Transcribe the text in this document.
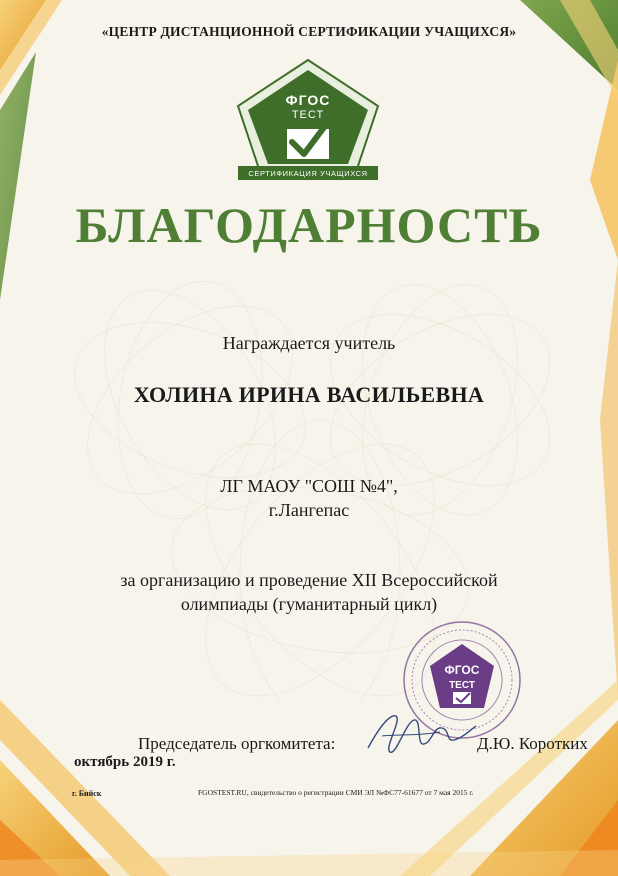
«ЦЕНТР ДИСТАНЦИОННОЙ СЕРТИФИКАЦИИ УЧАЩИХСЯ»
ФГОС
ТЕСТ
СЕРТИФИКАЦИЯ УЧАЩИХСЯ
БЛАГОДАРНОСТЬ
Награждается учитель
ХОЛИНА ИРИНА ВАСИЛЬЕВНА
ЛГ МАОУ "СОШ №4",
г.Лангепас
за организацию и проведение XII Всероссийской
олимпиады (гуманитарный цикл)
ФГОС
ТЕСТ
Председатель оргкомитета:	Д.Ю. Коротких
октябрь 2019 г.
г. Бийск	FGOSTEST.RU, свидетельство о регистрации СМИ ЭЛ №ФС77-61677 от 7 мая 2015 г.
